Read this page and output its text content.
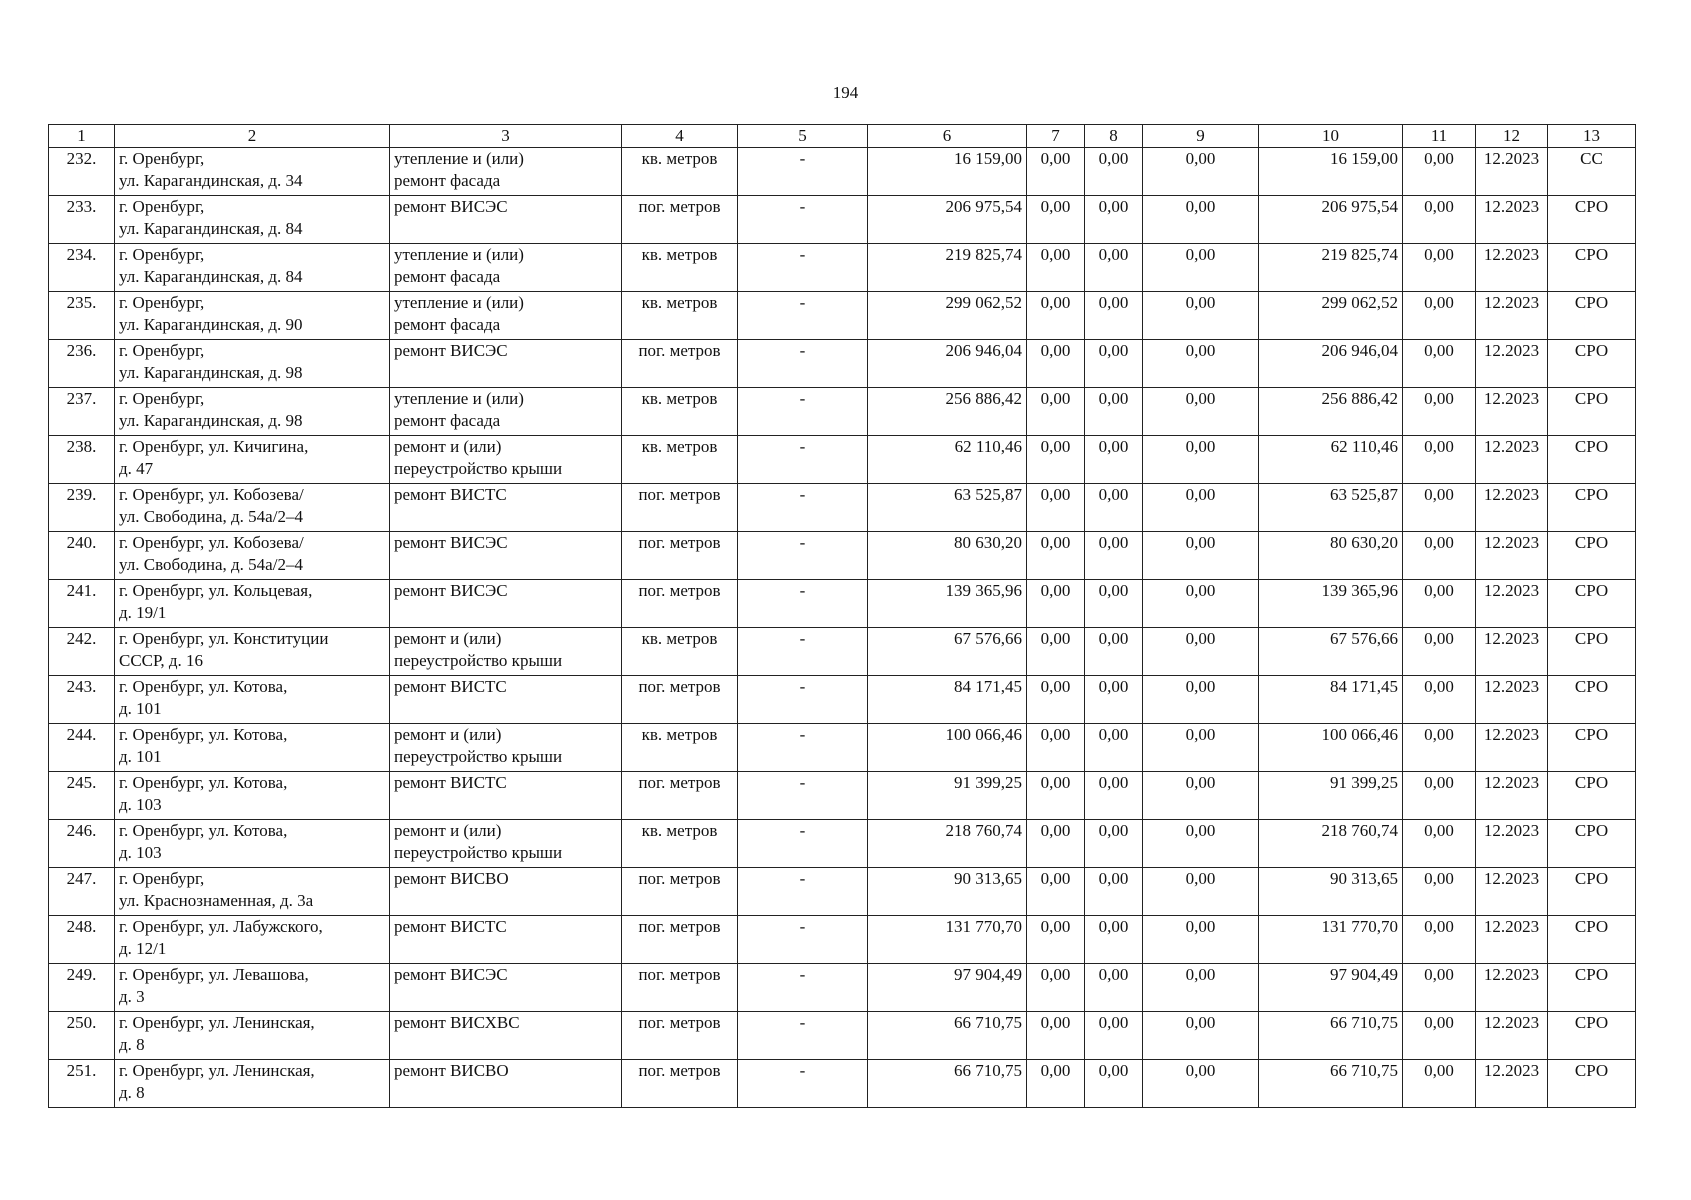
194
1	2	3	4	5	6	7	8	9	10	11	12	13
232.	г. Оренбург,
ул. Карагандинская, д. 34	утепление и (или)
ремонт фасада	кв. метров	-	16 159,00	0,00	0,00	0,00	16 159,00	0,00	12.2023	СС
233.	г. Оренбург,
ул. Карагандинская, д. 84	ремонт ВИСЭС	пог. метров	-	206 975,54	0,00	0,00	0,00	206 975,54	0,00	12.2023	СРО
234.	г. Оренбург,
ул. Карагандинская, д. 84	утепление и (или)
ремонт фасада	кв. метров	-	219 825,74	0,00	0,00	0,00	219 825,74	0,00	12.2023	СРО
235.	г. Оренбург,
ул. Карагандинская, д. 90	утепление и (или)
ремонт фасада	кв. метров	-	299 062,52	0,00	0,00	0,00	299 062,52	0,00	12.2023	СРО
236.	г. Оренбург,
ул. Карагандинская, д. 98	ремонт ВИСЭС	пог. метров	-	206 946,04	0,00	0,00	0,00	206 946,04	0,00	12.2023	СРО
237.	г. Оренбург,
ул. Карагандинская, д. 98	утепление и (или)
ремонт фасада	кв. метров	-	256 886,42	0,00	0,00	0,00	256 886,42	0,00	12.2023	СРО
238.	г. Оренбург, ул. Кичигина,
д. 47	ремонт и (или)
переустройство крыши	кв. метров	-	62 110,46	0,00	0,00	0,00	62 110,46	0,00	12.2023	СРО
239.	г. Оренбург, ул. Кобозева/
ул. Свободина, д. 54а/2–4	ремонт ВИСТС	пог. метров	-	63 525,87	0,00	0,00	0,00	63 525,87	0,00	12.2023	СРО
240.	г. Оренбург, ул. Кобозева/
ул. Свободина, д. 54а/2–4	ремонт ВИСЭС	пог. метров	-	80 630,20	0,00	0,00	0,00	80 630,20	0,00	12.2023	СРО
241.	г. Оренбург, ул. Кольцевая,
д. 19/1	ремонт ВИСЭС	пог. метров	-	139 365,96	0,00	0,00	0,00	139 365,96	0,00	12.2023	СРО
242.	г. Оренбург, ул. Конституции
СССР, д. 16	ремонт и (или)
переустройство крыши	кв. метров	-	67 576,66	0,00	0,00	0,00	67 576,66	0,00	12.2023	СРО
243.	г. Оренбург, ул. Котова,
д. 101	ремонт ВИСТС	пог. метров	-	84 171,45	0,00	0,00	0,00	84 171,45	0,00	12.2023	СРО
244.	г. Оренбург, ул. Котова,
д. 101	ремонт и (или)
переустройство крыши	кв. метров	-	100 066,46	0,00	0,00	0,00	100 066,46	0,00	12.2023	СРО
245.	г. Оренбург, ул. Котова,
д. 103	ремонт ВИСТС	пог. метров	-	91 399,25	0,00	0,00	0,00	91 399,25	0,00	12.2023	СРО
246.	г. Оренбург, ул. Котова,
д. 103	ремонт и (или)
переустройство крыши	кв. метров	-	218 760,74	0,00	0,00	0,00	218 760,74	0,00	12.2023	СРО
247.	г. Оренбург,
ул. Краснознаменная, д. 3а	ремонт ВИСВО	пог. метров	-	90 313,65	0,00	0,00	0,00	90 313,65	0,00	12.2023	СРО
248.	г. Оренбург, ул. Лабужского,
д. 12/1	ремонт ВИСТС	пог. метров	-	131 770,70	0,00	0,00	0,00	131 770,70	0,00	12.2023	СРО
249.	г. Оренбург, ул. Левашова,
д. 3	ремонт ВИСЭС	пог. метров	-	97 904,49	0,00	0,00	0,00	97 904,49	0,00	12.2023	СРО
250.	г. Оренбург, ул. Ленинская,
д. 8	ремонт ВИСХВС	пог. метров	-	66 710,75	0,00	0,00	0,00	66 710,75	0,00	12.2023	СРО
251.	г. Оренбург, ул. Ленинская,
д. 8	ремонт ВИСВО	пог. метров	-	66 710,75	0,00	0,00	0,00	66 710,75	0,00	12.2023	СРО
